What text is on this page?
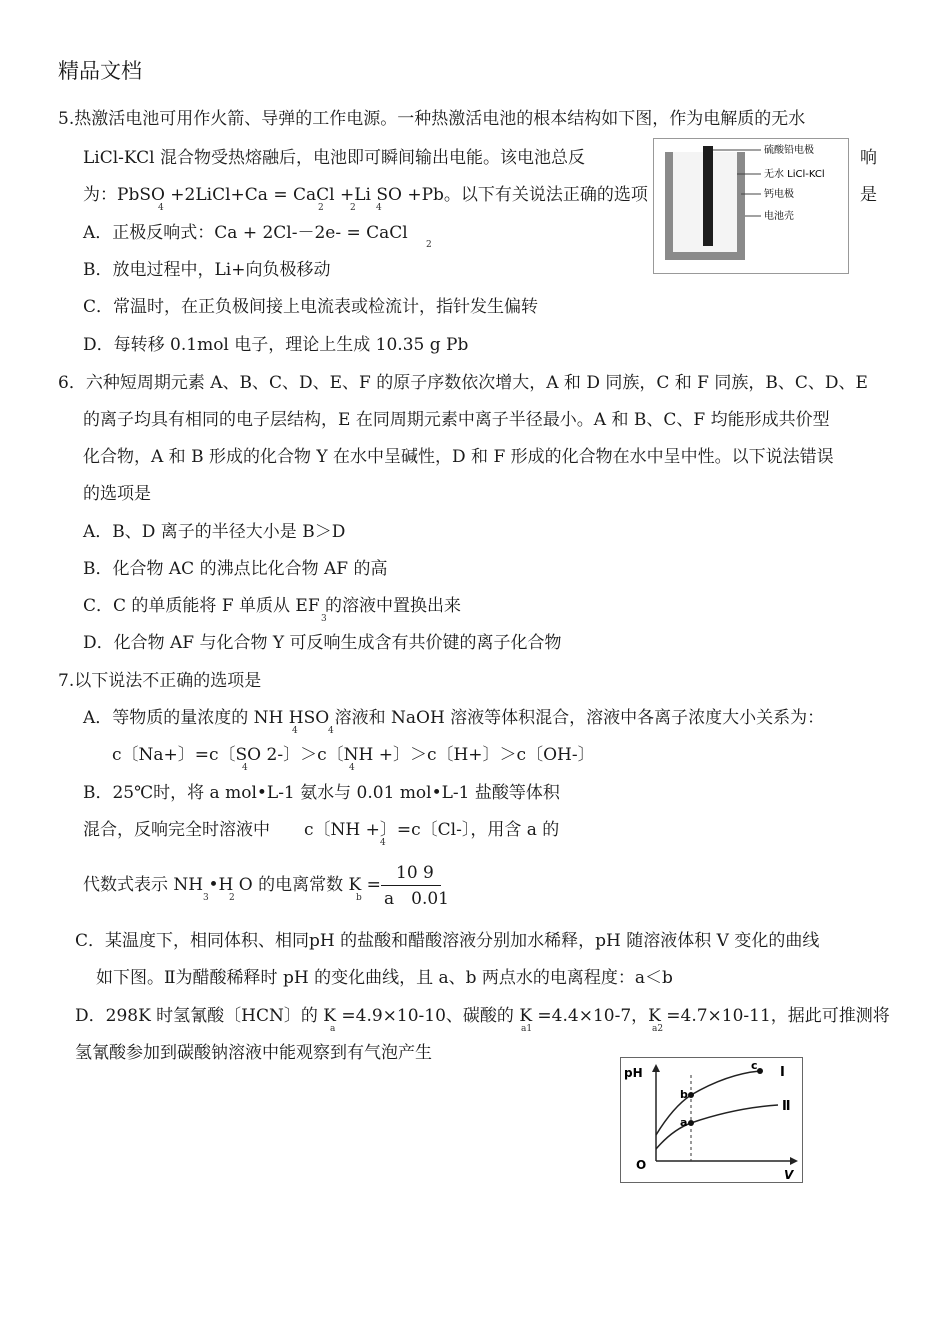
精品文档
5.热激活电池可用作火箭、导弹的工作电源。一种热激活电池的根本结构如下图，作为电解质的无水
LiCl-KCl 混合物受热熔融后，电池即可瞬间输出电能。该电池总反	响
为：PbSO +2LiCl+Ca = CaCl +Li SO +Pb。以下有关说法正确的选项	是
4	2	2 4
A．正极反响式：Ca + 2Cl-－2e- = CaCl
2
B．放电过程中，Li+向负极移动
C．常温时，在正负极间接上电流表或检流计，指针发生偏转
D．每转移 0.1mol 电子，理论上生成 10.35 g Pb
硫酸铅电极
无水 LiCl-KCl
钙电极
电池壳
6．六种短周期元素 A、B、C、D、E、F 的原子序数依次增大，A 和 D 同族，C 和 F 同族，B、C、D、E
的离子均具有相同的电子层结构，E 在同周期元素中离子半径最小。A 和 B、C、F 均能形成共价型
化合物，A 和 B 形成的化合物 Y 在水中呈碱性，D 和 F 形成的化合物在水中呈中性。以下说法错误
的选项是
A．B、D 离子的半径大小是 B＞D
B．化合物 AC 的沸点比化合物 AF 的高
C．C 的单质能将 F 单质从 EF 的溶液中置换出来
3
D．化合物 AF 与化合物 Y 可反响生成含有共价键的离子化合物
7.以下说法不正确的选项是
A．等物质的量浓度的 NH HSO 溶液和 NaOH 溶液等体积混合，溶液中各离子浓度大小关系为：
4	4
c〔Na+〕=c〔SO 2-〕＞c〔NH +〕＞c〔H+〕＞c〔OH-〕
4	4
B．25℃时，将 a mol•L-1 氨水与 0.01 mol•L-1 盐酸等体积
混合，反响完全时溶液中　　c〔NH +〕=c〔Cl-〕，用含 a 的
4
代数式表示 NH •H O 的电离常数 K =
3 2	b
10 9
a　0.01
C．某温度下，相同体积、相同pH 的盐酸和醋酸溶液分别加水稀释，pH 随溶液体积 V 变化的曲线
如下图。Ⅱ为醋酸稀释时 pH 的变化曲线，且 a、b 两点水的电离程度：a＜b
D．298K 时氢氰酸〔HCN〕的 K =4.9×10-10、碳酸的 K =4.4×10-7，K =4.7×10-11，据此可推测将
a	a1	a2
氢氰酸参加到碳酸钠溶液中能观察到有气泡产生
pH
V
O
Ⅰ
Ⅱ
b
a
c
